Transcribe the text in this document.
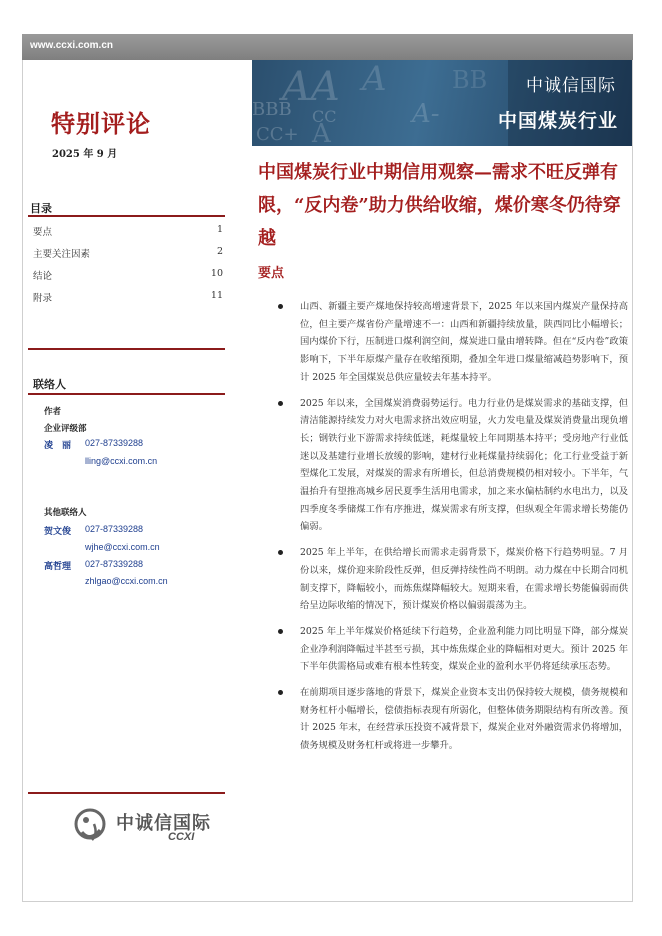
www.ccxi.com.cn
特别评论
2025 年 9 月
目录
要点	1
主要关注因素	2
结论	10
附录	11
联络人
作者
企业评级部
凌　丽 027-87339288
lling@ccxi.com.cn
其他联络人
贺文俊 027-87339288
wjhe@ccxi.com.cn
高哲理 027-87339288
zhlgao@ccxi.com.cn
中诚信国际
CCXI
AA A
BBB CC	A-
CC+ A
BB 中诚信国际
中国煤炭行业
中国煤炭行业中期信用观察—需求不旺反弹有限，“反内卷”助力供给收缩，煤价寒冬仍待穿越
要点
山西、新疆主要产煤地保持较高增速背景下，2025 年以来国内煤炭产量保持高位，但主要产煤省份产量增速不一：山西和新疆持续放量，陕西同比小幅增长；国内煤价下行，压制进口煤利润空间，煤炭进口量由增转降。但在“反内卷”政策影响下，下半年原煤产量存在收缩预期，叠加全年进口煤量缩减趋势影响下，预计 2025 年全国煤炭总供应量较去年基本持平。
2025 年以来，全国煤炭消费弱势运行。电力行业仍是煤炭需求的基础支撑，但清洁能源持续发力对火电需求挤出效应明显，火力发电量及煤炭消费量出现负增长；钢铁行业下游需求持续低迷，耗煤量较上年同期基本持平；受房地产行业低迷以及基建行业增长放缓的影响，建材行业耗煤量持续弱化；化工行业受益于新型煤化工发展，对煤炭的需求有所增长，但总消费规模仍相对较小。下半年，气温抬升有望推高城乡居民夏季生活用电需求，加之来水偏枯制约水电出力，以及四季度冬季储煤工作有序推进，煤炭需求有所支撑，但纵观全年需求增长势能仍偏弱。
2025 年上半年，在供给增长而需求走弱背景下，煤炭价格下行趋势明显。7 月份以来，煤价迎来阶段性反弹，但反弹持续性尚不明朗。动力煤在中长期合同机制支撑下，降幅较小，而炼焦煤降幅较大。短期来看，在需求增长势能偏弱而供给呈边际收缩的情况下，预计煤炭价格以偏弱震荡为主。
2025 年上半年煤炭价格延续下行趋势，企业盈利能力同比明显下降，部分煤炭企业净利润降幅过半甚至亏损，其中炼焦煤企业的降幅相对更大。预计 2025 年下半年供需格局或难有根本性转变，煤炭企业的盈利水平仍将延续承压态势。
在前期项目逐步落地的背景下，煤炭企业资本支出仍保持较大规模，债务规模和财务杠杆小幅增长，偿债指标表现有所弱化，但整体债务期限结构有所改善。预计 2025 年末，在经营承压投资不减背景下，煤炭企业对外融资需求仍将增加，债务规模及财务杠杆或将进一步攀升。
